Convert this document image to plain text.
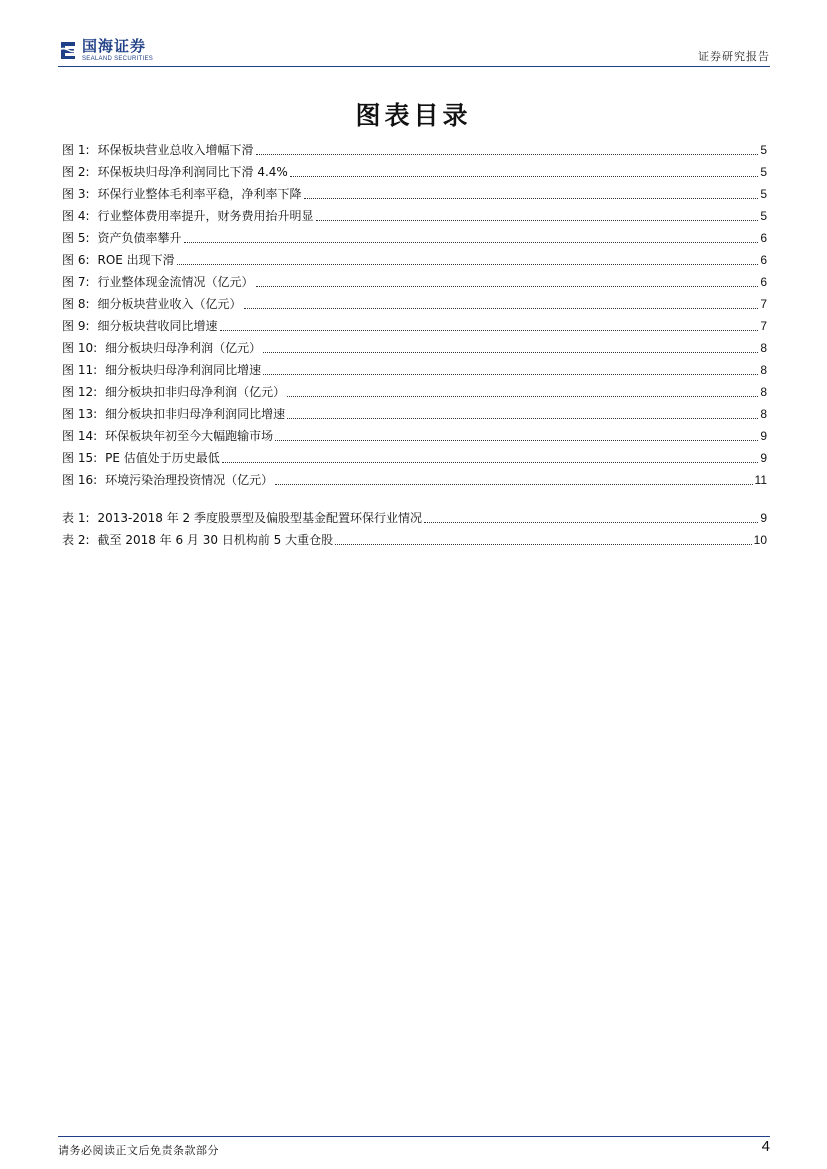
国海证券
SEALAND SECURITIES	证券研究报告
图表目录
图 1: 环保板块营业总收入增幅下滑	5
图 2: 环保板块归母净利润同比下滑 4.4%	5
图 3: 环保行业整体毛利率平稳，净利率下降	5
图 4: 行业整体费用率提升，财务费用抬升明显	5
图 5: 资产负债率攀升	6
图 6: ROE 出现下滑	6
图 7: 行业整体现金流情况（亿元）	6
图 8: 细分板块营业收入（亿元）	7
图 9: 细分板块营收同比增速	7
图 10: 细分板块归母净利润（亿元）	8
图 11: 细分板块归母净利润同比增速	8
图 12: 细分板块扣非归母净利润（亿元）	8
图 13: 细分板块扣非归母净利润同比增速	8
图 14: 环保板块年初至今大幅跑输市场	9
图 15: PE 估值处于历史最低	9
图 16: 环境污染治理投资情况（亿元）	11
表 1: 2013-2018 年 2 季度股票型及偏股型基金配置环保行业情况	9
表 2: 截至 2018 年 6 月 30 日机构前 5 大重仓股	10
请务必阅读正文后免责条款部分	4
